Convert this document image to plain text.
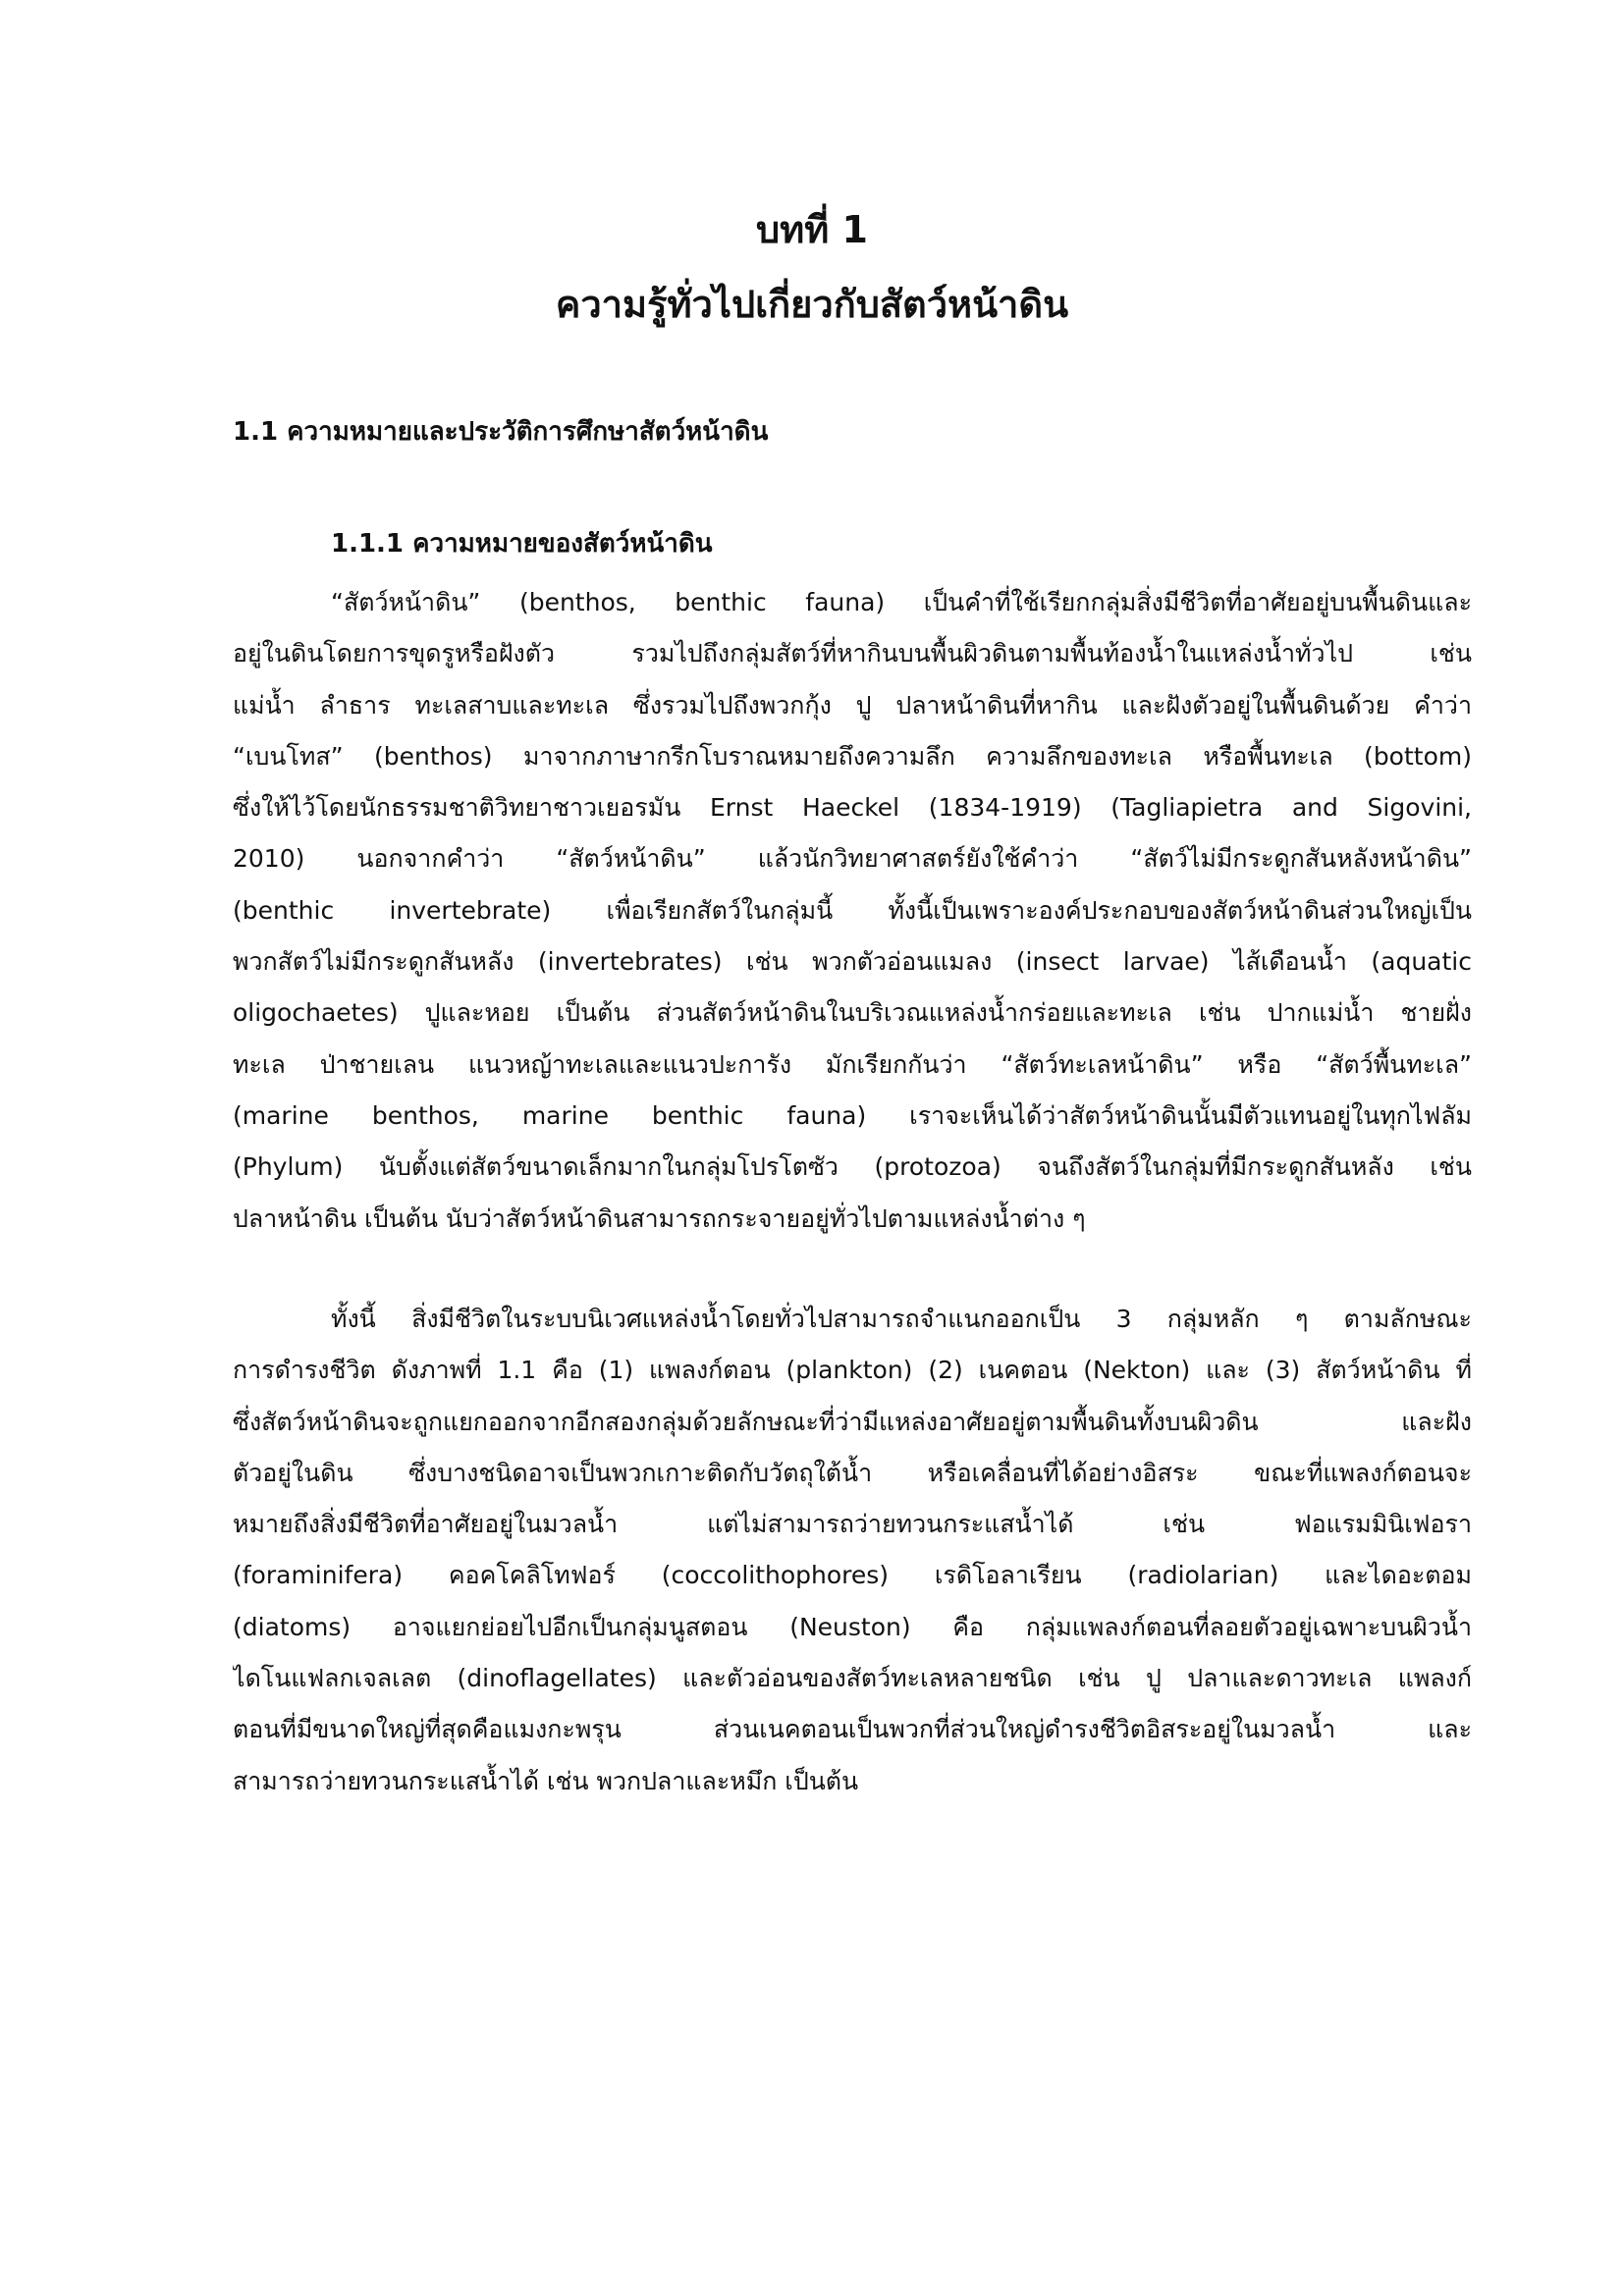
บทที่ 1
ความรู้ทั่วไปเกี่ยวกับสัตว์หน้าดิน
1.1 ความหมายและประวัติการศึกษาสัตว์หน้าดิน
1.1.1 ความหมายของสัตว์หน้าดิน
“สัตว์หน้าดิน” (benthos, benthic fauna) เป็นคำที่ใช้เรียกกลุ่มสิ่งมีชีวิตที่อาศัยอยู่บนพื้นดินและ
อยู่ในดินโดยการขุดรูหรือฝังตัว รวมไปถึงกลุ่มสัตว์ที่หากินบนพื้นผิวดินตามพื้นท้องน้ำในแหล่งน้ำทั่วไป เช่น
แม่น้ำ ลำธาร ทะเลสาบและทะเล ซึ่งรวมไปถึงพวกกุ้ง ปู ปลาหน้าดินที่หากิน และฝังตัวอยู่ในพื้นดินด้วย คำว่า
“เบนโทส” (benthos) มาจากภาษากรีกโบราณหมายถึงความลึก ความลึกของทะเล หรือพื้นทะเล (bottom)
ซึ่งให้ไว้โดยนักธรรมชาติวิทยาชาวเยอรมัน Ernst Haeckel (1834-1919) (Tagliapietra and Sigovini,
2010) นอกจากคำว่า “สัตว์หน้าดิน” แล้วนักวิทยาศาสตร์ยังใช้คำว่า “สัตว์ไม่มีกระดูกสันหลังหน้าดิน”
(benthic invertebrate) เพื่อเรียกสัตว์ในกลุ่มนี้ ทั้งนี้เป็นเพราะองค์ประกอบของสัตว์หน้าดินส่วนใหญ่เป็น
พวกสัตว์ไม่มีกระดูกสันหลัง (invertebrates) เช่น พวกตัวอ่อนแมลง (insect larvae) ไส้เดือนน้ำ (aquatic
oligochaetes) ปูและหอย เป็นต้น ส่วนสัตว์หน้าดินในบริเวณแหล่งน้ำกร่อยและทะเล เช่น ปากแม่น้ำ ชายฝั่ง
ทะเล ป่าชายเลน แนวหญ้าทะเลและแนวปะการัง มักเรียกกันว่า “สัตว์ทะเลหน้าดิน” หรือ “สัตว์พื้นทะเล”
(marine benthos, marine benthic fauna) เราจะเห็นได้ว่าสัตว์หน้าดินนั้นมีตัวแทนอยู่ในทุกไฟลัม
(Phylum) นับตั้งแต่สัตว์ขนาดเล็กมากในกลุ่มโปรโตซัว (protozoa) จนถึงสัตว์ในกลุ่มที่มีกระดูกสันหลัง เช่น
ปลาหน้าดิน เป็นต้น นับว่าสัตว์หน้าดินสามารถกระจายอยู่ทั่วไปตามแหล่งน้ำต่าง ๆ
ทั้งนี้ สิ่งมีชีวิตในระบบนิเวศแหล่งน้ำโดยทั่วไปสามารถจำแนกออกเป็น 3 กลุ่มหลัก ๆ ตามลักษณะ
การดำรงชีวิต ดังภาพที่ 1.1 คือ (1) แพลงก์ตอน (plankton) (2) เนคตอน (Nekton) และ (3) สัตว์หน้าดิน ที่
ซึ่งสัตว์หน้าดินจะถูกแยกออกจากอีกสองกลุ่มด้วยลักษณะที่ว่ามีแหล่งอาศัยอยู่ตามพื้นดินทั้งบนผิวดิน และฝัง
ตัวอยู่ในดิน ซึ่งบางชนิดอาจเป็นพวกเกาะติดกับวัตถุใต้น้ำ หรือเคลื่อนที่ได้อย่างอิสระ ขณะที่แพลงก์ตอนจะ
หมายถึงสิ่งมีชีวิตที่อาศัยอยู่ในมวลน้ำ แต่ไม่สามารถว่ายทวนกระแสน้ำได้ เช่น ฟอแรมมินิเฟอรา
(foraminifera) คอคโคลิโทฟอร์ (coccolithophores) เรดิโอลาเรียน (radiolarian) และไดอะตอม
(diatoms) อาจแยกย่อยไปอีกเป็นกลุ่มนูสตอน (Neuston) คือ กลุ่มแพลงก์ตอนที่ลอยตัวอยู่เฉพาะบนผิวน้ำ
ไดโนแฟลกเจลเลต (dinoflagellates) และตัวอ่อนของสัตว์ทะเลหลายชนิด เช่น ปู ปลาและดาวทะเล แพลงก์
ตอนที่มีขนาดใหญ่ที่สุดคือแมงกะพรุน ส่วนเนคตอนเป็นพวกที่ส่วนใหญ่ดำรงชีวิตอิสระอยู่ในมวลน้ำ และ
สามารถว่ายทวนกระแสน้ำได้ เช่น พวกปลาและหมึก เป็นต้น
